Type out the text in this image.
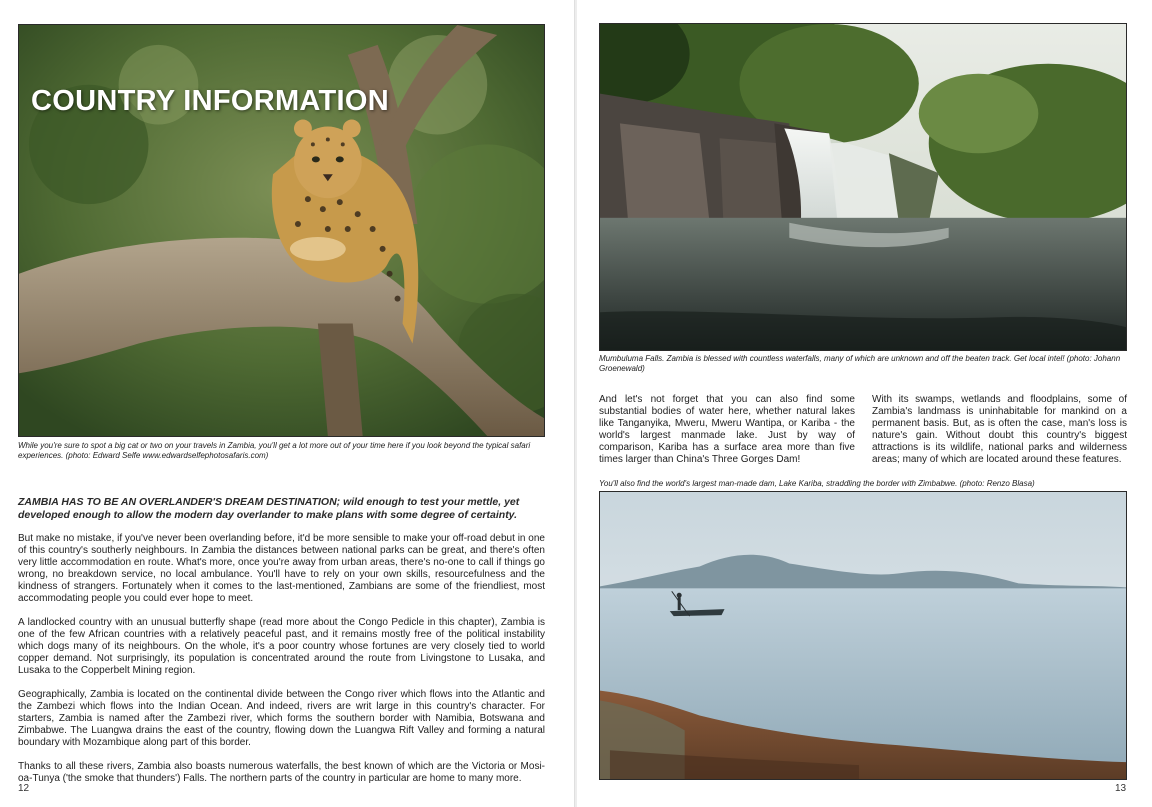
COUNTRY INFORMATION
While you're sure to spot a big cat or two on your travels in Zambia, you'll get a lot more out of your time here if you look beyond the typical safari experiences. (photo: Edward Selfe www.edwardselfephotosafaris.com)
ZAMBIA HAS TO BE AN OVERLANDER'S DREAM DESTINATION; wild enough to test your mettle, yet developed enough to allow the modern day overlander to make plans with some degree of certainty.

But make no mistake, if you've never been overlanding before, it'd be more sensible to make your off-road debut in one of this country's southerly neighbours. In Zambia the distances between national parks can be great, and there's often very little accommodation en route. What's more, once you're away from urban areas, there's no-one to call if things go wrong, no breakdown service, no local ambulance. You'll have to rely on your own skills, resourcefulness and the kindness of strangers. Fortunately when it comes to the last-mentioned, Zambians are some of the friendliest, most accommodating people you could ever hope to meet.

A landlocked country with an unusual butterfly shape (read more about the Congo Pedicle in this chapter), Zambia is one of the few African countries with a relatively peaceful past, and it remains mostly free of the political instability which dogs many of its neighbours. On the whole, it's a poor country whose fortunes are very closely tied to world copper demand. Not surprisingly, its population is concentrated around the route from Livingstone to Lusaka, and Lusaka to the Copperbelt Mining region.

Geographically, Zambia is located on the continental divide between the Congo river which flows into the Atlantic and the Zambezi which flows into the Indian Ocean. And indeed, rivers are writ large in this country's character. For starters, Zambia is named after the Zambezi river, which forms the southern border with Namibia, Botswana and Zimbabwe. The Luangwa drains the east of the country, flowing down the Luangwa Rift Valley and forming a natural boundary with Mozambique along part of this border.

Thanks to all these rivers, Zambia also boasts numerous waterfalls, the best known of which are the Victoria or Mosi-oa-Tunya ('the smoke that thunders') Falls. The northern parts of the country in particular are home to many more.

12
Mumbuluma Falls. Zambia is blessed with countless waterfalls, many of which are unknown and off the beaten track. Get local intel! (photo: Johann Groenewald)
And let's not forget that you can also find some substantial bodies of water here, whether natural lakes like Tanganyika, Mweru, Mweru Wantipa, or Kariba - the world's largest manmade lake. Just by way of comparison, Kariba has a surface area more than five times larger than China's Three Gorges Dam!
With its swamps, wetlands and floodplains, some of Zambia's landmass is uninhabitable for mankind on a permanent basis. But, as is often the case, man's loss is nature's gain. Without doubt this country's biggest attractions is its wildlife, national parks and wilderness areas; many of which are located around these features.
You'll also find the world's largest man-made dam, Lake Kariba, straddling the border with Zimbabwe. (photo: Renzo Blasa)
13
